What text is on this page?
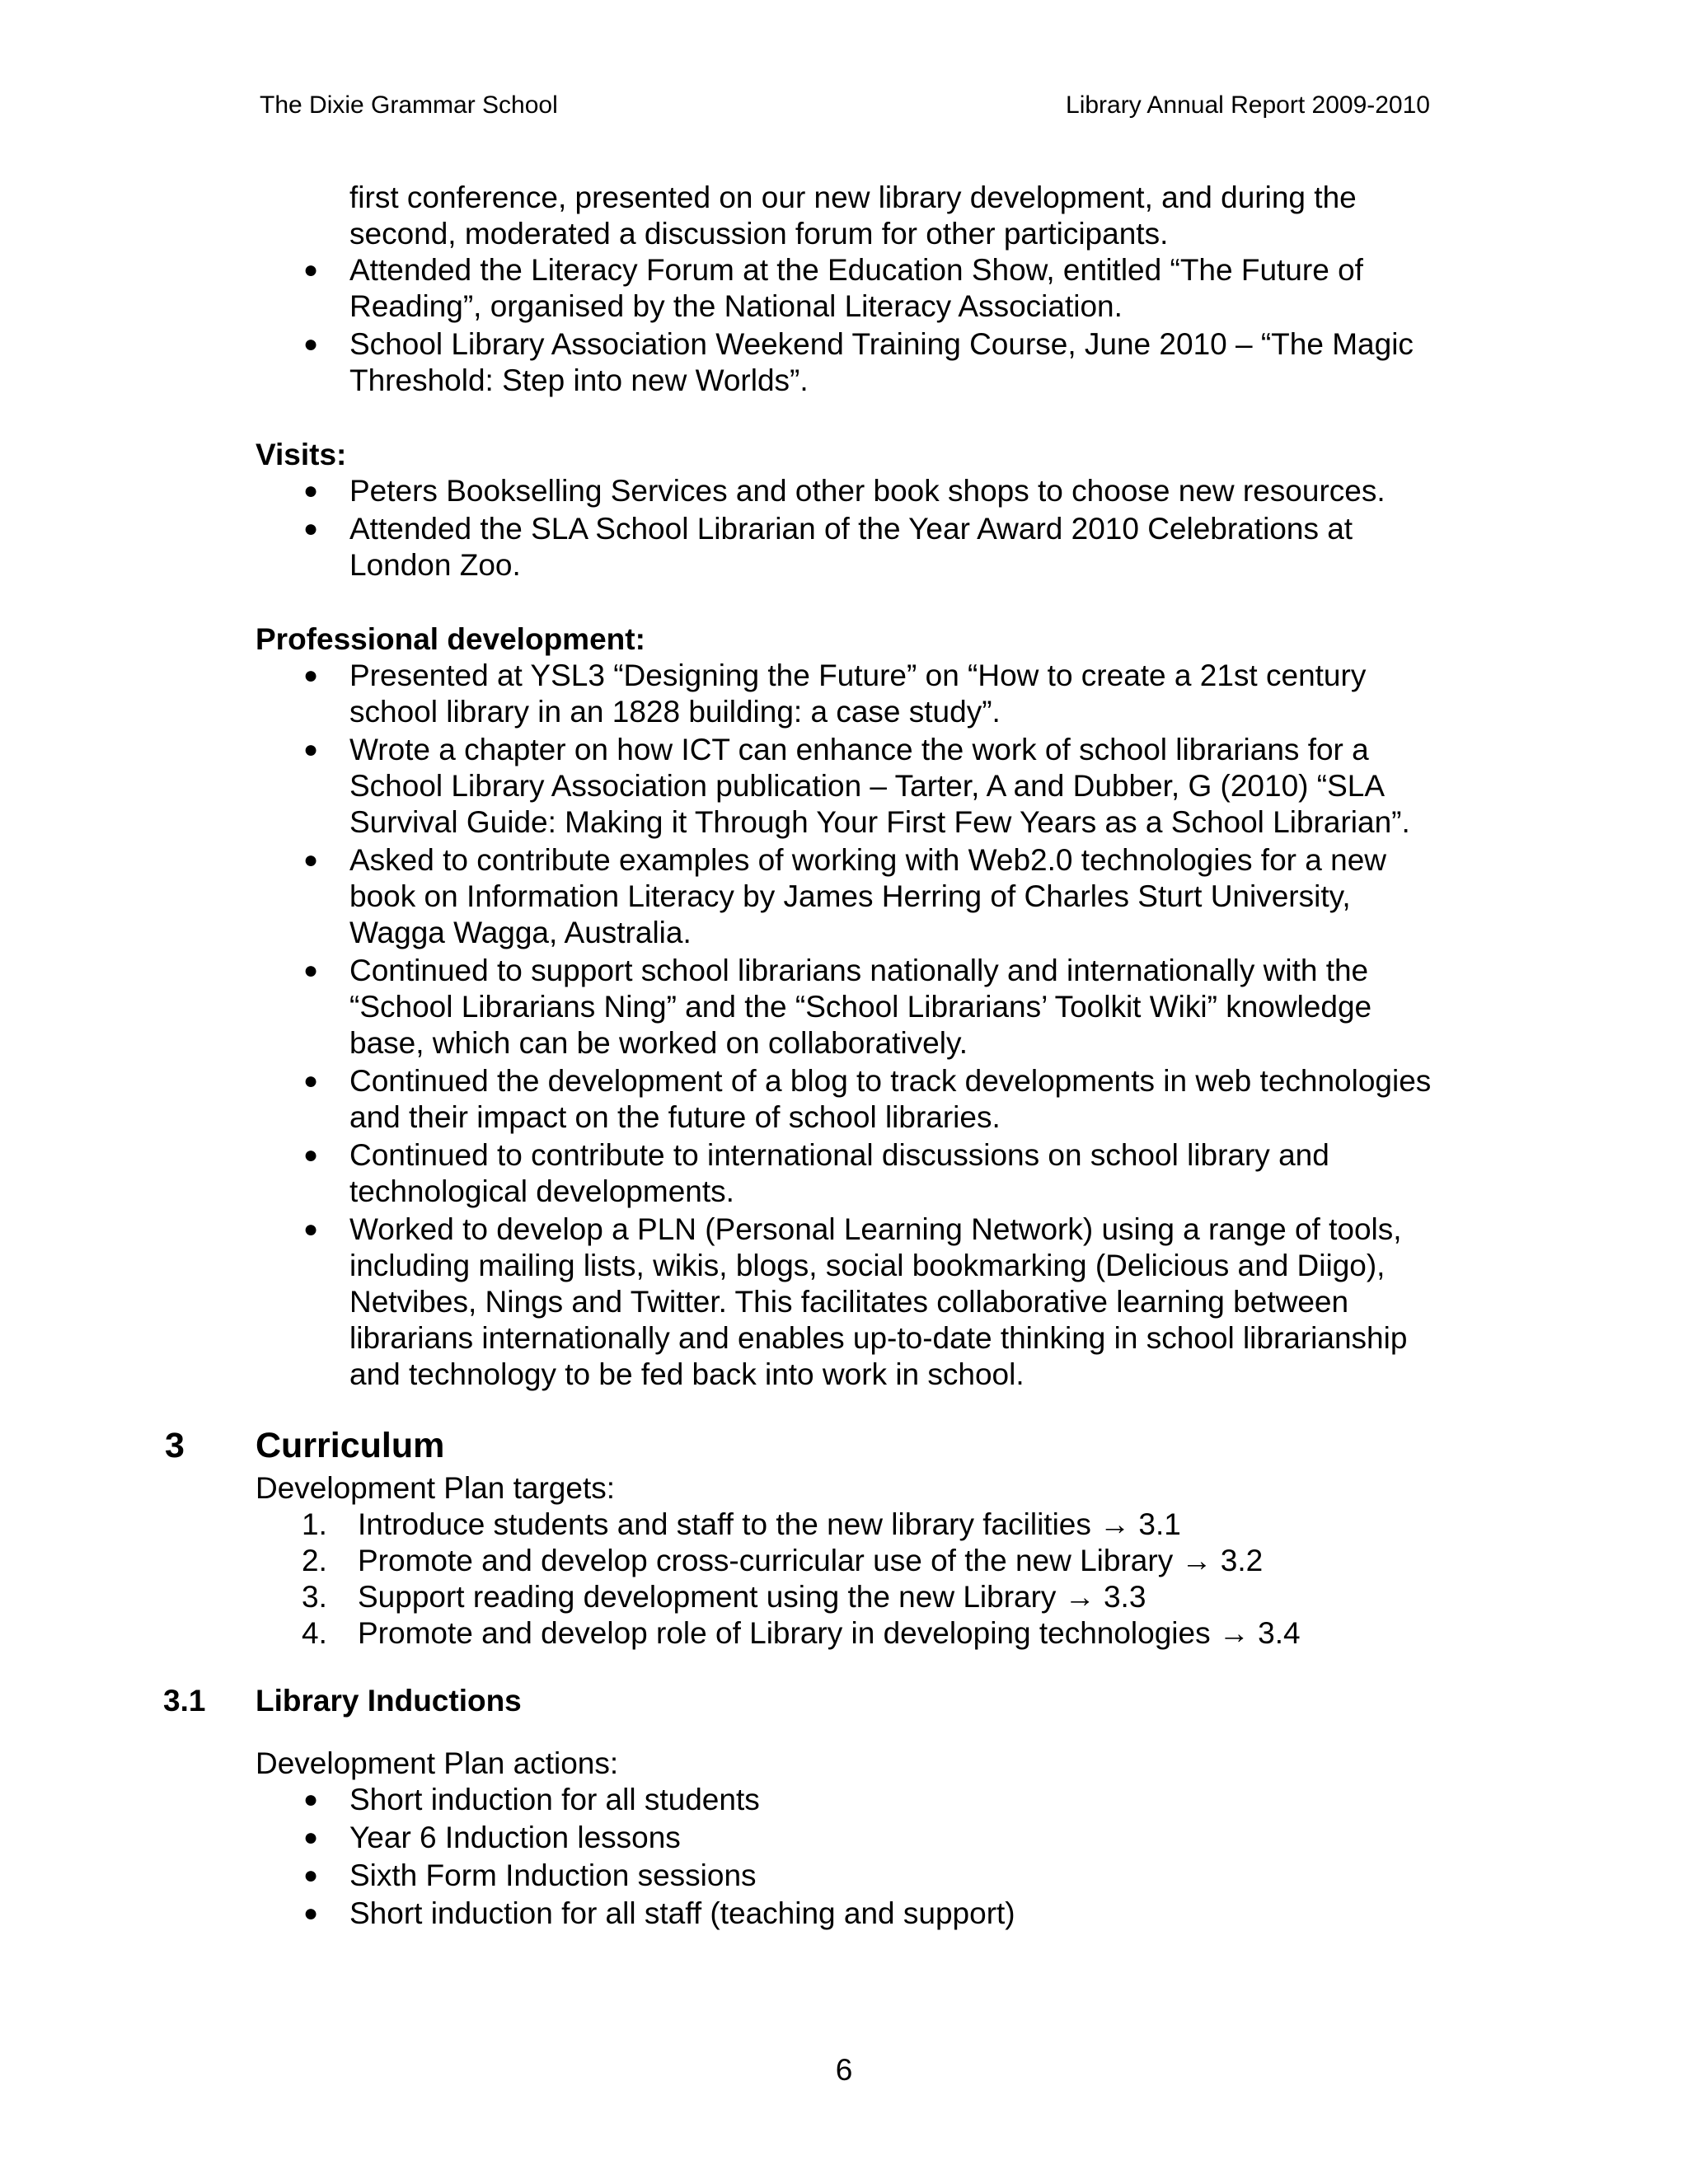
The Dixie Grammar School	Library Annual Report 2009-2010
first conference, presented on our new library development, and during the second, moderated a discussion forum for other participants.
● Attended the Literacy Forum at the Education Show, entitled “The Future of Reading”, organised by the National Literacy Association.
● School Library Association Weekend Training Course, June 2010 – “The Magic Threshold: Step into new Worlds”.
Visits:
● Peters Bookselling Services and other book shops to choose new resources.
● Attended the SLA School Librarian of the Year Award 2010 Celebrations at London Zoo.
Professional development:
● Presented at YSL3 “Designing the Future” on “How to create a 21st century school library in an 1828 building: a case study”.
● Wrote a chapter on how ICT can enhance the work of school librarians for a School Library Association publication – Tarter, A and Dubber, G (2010) “SLA Survival Guide: Making it Through Your First Few Years as a School Librarian”.
● Asked to contribute examples of working with Web2.0 technologies for a new book on Information Literacy by James Herring of Charles Sturt University, Wagga Wagga, Australia.
● Continued to support school librarians nationally and internationally with the “School Librarians Ning” and the “School Librarians’ Toolkit Wiki” knowledge base, which can be worked on collaboratively.
● Continued the development of a blog to track developments in web technologies and their impact on the future of school libraries.
● Continued to contribute to international discussions on school library and technological developments.
● Worked to develop a PLN (Personal Learning Network) using a range of tools, including mailing lists, wikis, blogs, social bookmarking (Delicious and Diigo), Netvibes, Nings and Twitter. This facilitates collaborative learning between librarians internationally and enables up-to-date thinking in school librarianship and technology to be fed back into work in school.
3 Curriculum
Development Plan targets:
1. Introduce students and staff to the new library facilities → 3.1
2. Promote and develop cross-curricular use of the new Library → 3.2
3. Support reading development using the new Library → 3.3
4. Promote and develop role of Library in developing technologies → 3.4
3.1 Library Inductions
Development Plan actions:
● Short induction for all students
● Year 6 Induction lessons
● Sixth Form Induction sessions
● Short induction for all staff (teaching and support)
6
